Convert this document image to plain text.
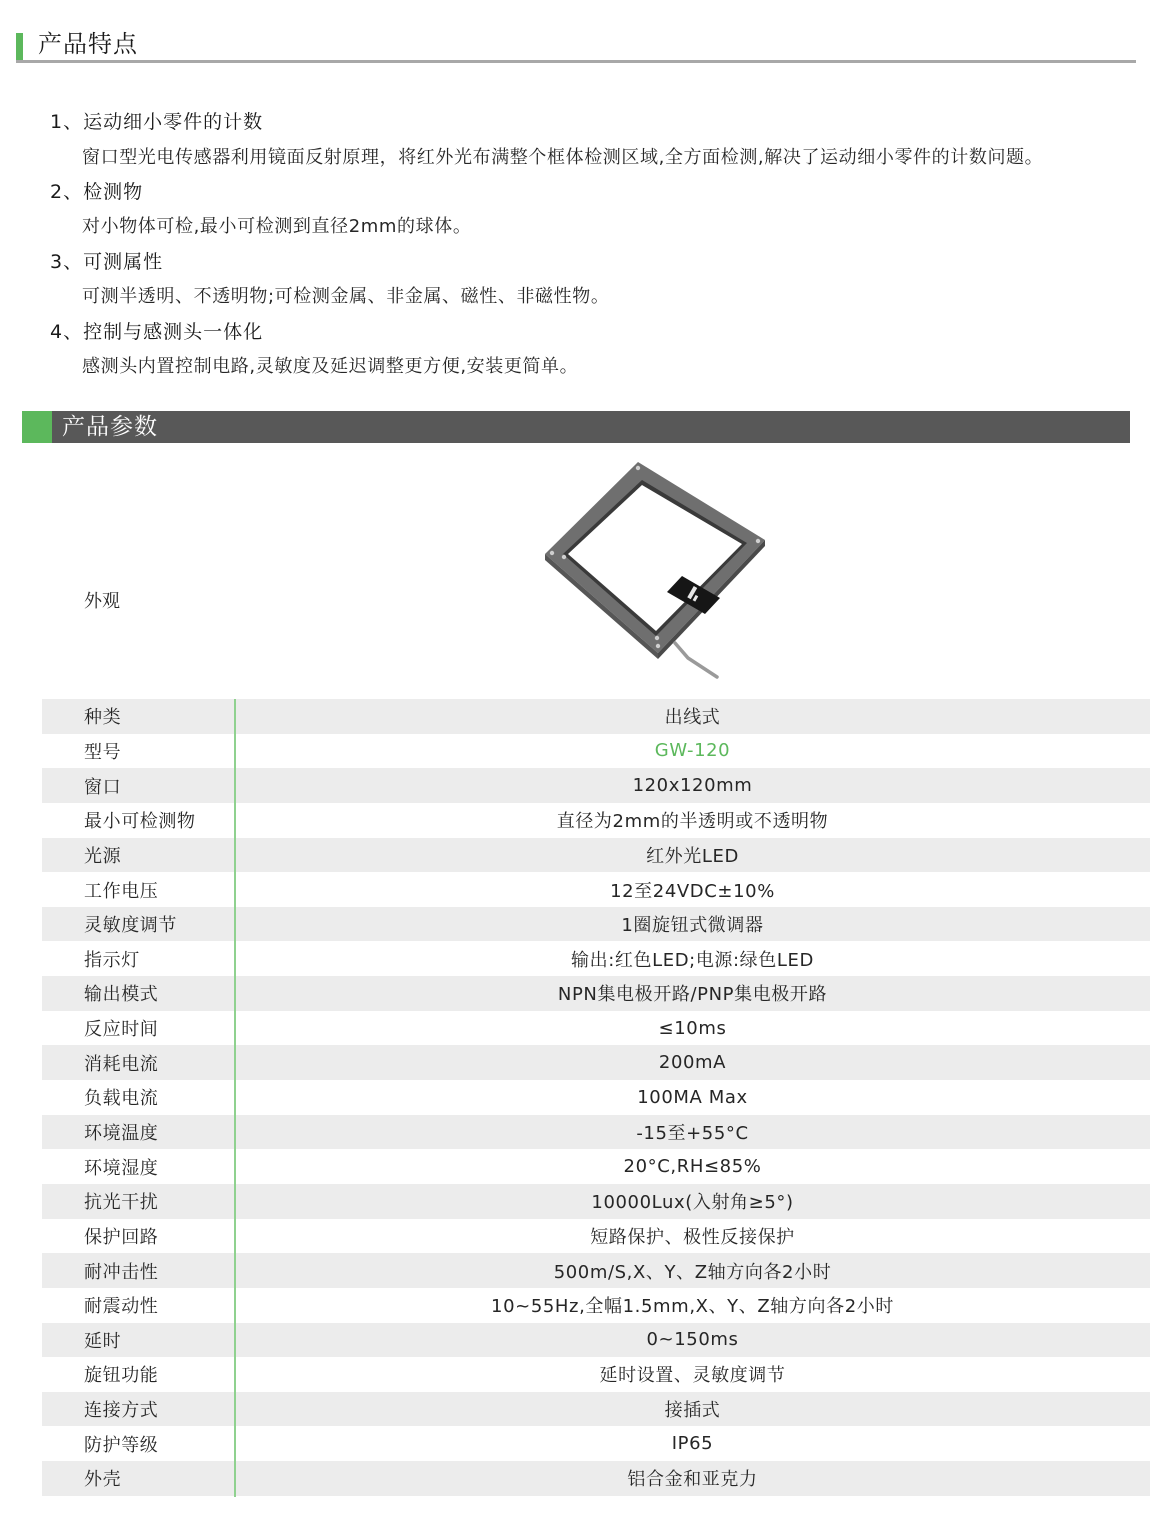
产品特点
1、运动细小零件的计数
窗口型光电传感器利用镜面反射原理，将红外光布满整个框体检测区域,全方面检测,解决了运动细小零件的计数问题。
2、检测物
对小物体可检,最小可检测到直径2mm的球体。
3、可测属性
可测半透明、不透明物;可检测金属、非金属、磁性、非磁性物。
4、控制与感测头一体化
感测头内置控制电路,灵敏度及延迟调整更方便,安装更简单。
产品参数
外观
种类	出线式
型号	GW-120
窗口	120x120mm
最小可检测物	直径为2mm的半透明或不透明物
光源	红外光LED
工作电压	12至24VDC±10%
灵敏度调节	1圈旋钮式微调器
指示灯	输出:红色LED;电源:绿色LED
输出模式	NPN集电极开路/PNP集电极开路
反应时间	≤10ms
消耗电流	200mA
负载电流	100MA Max
环境温度	-15至+55°C
环境湿度	20°C,RH≤85%
抗光干扰	10000Lux(入射角≥5°)
保护回路	短路保护、极性反接保护
耐冲击性	500m/S,X、Y、Z轴方向各2小时
耐震动性	10~55Hz,全幅1.5mm,X、Y、Z轴方向各2小时
延时	0~150ms
旋钮功能	延时设置、灵敏度调节
连接方式	接插式
防护等级	IP65
外壳	铝合金和亚克力
